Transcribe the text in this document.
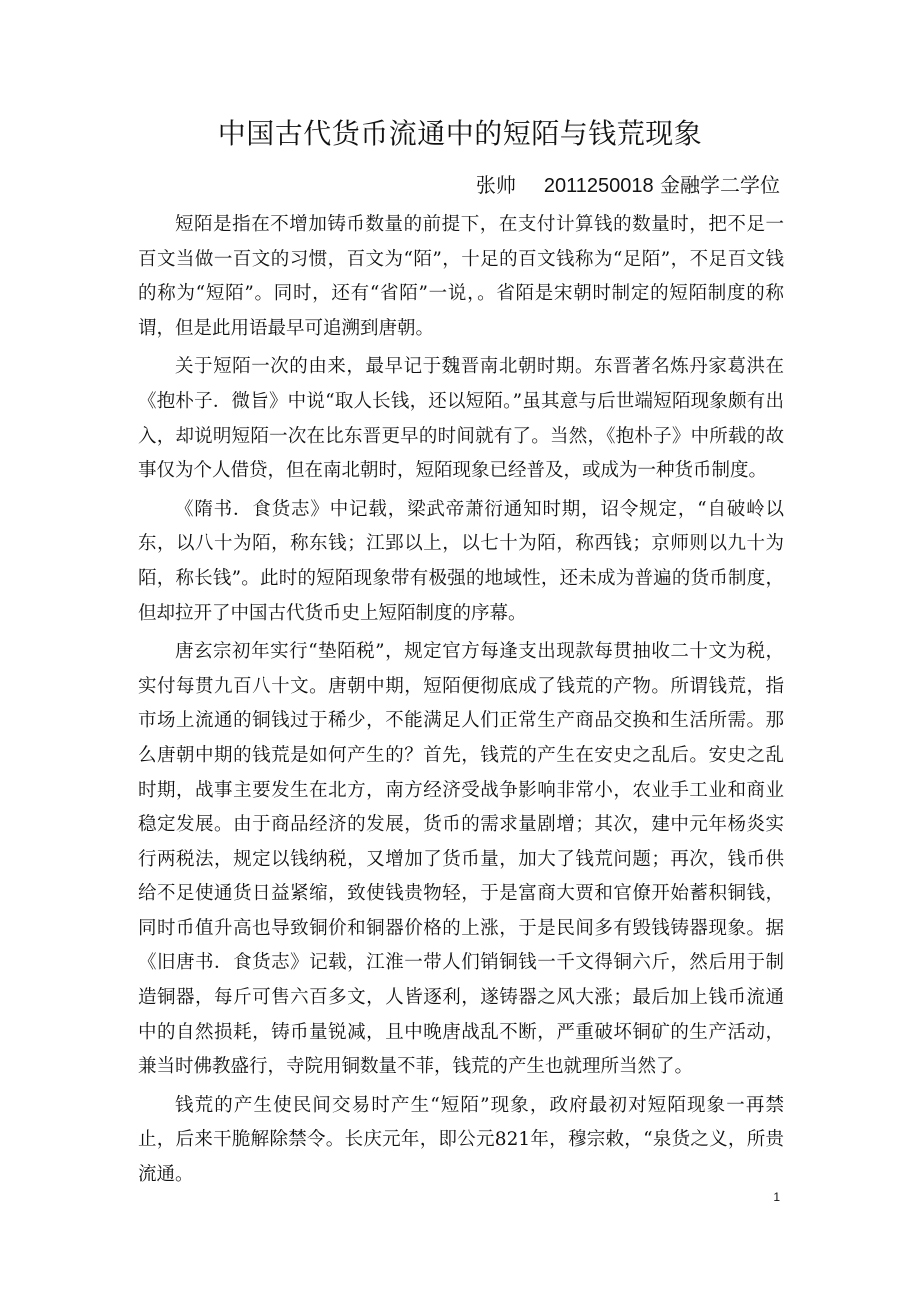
中国古代货币流通中的短陌与钱荒现象
张帅 2011250018 金融学二学位

短陌是指在不增加铸币数量的前提下，在支付计算钱的数量时，把不足一百文当做一百文的习惯，百文为“陌”，十足的百文钱称为“足陌”，不足百文钱的称为“短陌”。同时，还有“省陌”一说，。省陌是宋朝时制定的短陌制度的称谓，但是此用语最早可追溯到唐朝。

关于短陌一次的由来，最早记于魏晋南北朝时期。东晋著名炼丹家葛洪在《抱朴子．微旨》中说“取人长钱，还以短陌。”虽其意与后世端短陌现象颇有出入，却说明短陌一次在比东晋更早的时间就有了。当然，《抱朴子》中所载的故事仅为个人借贷，但在南北朝时，短陌现象已经普及，或成为一种货币制度。

《隋书．食货志》中记载，梁武帝萧衍通知时期，诏令规定，“自破岭以东，以八十为陌，称东钱；江郢以上，以七十为陌，称西钱；京师则以九十为陌，称长钱”。此时的短陌现象带有极强的地域性，还未成为普遍的货币制度，但却拉开了中国古代货币史上短陌制度的序幕。

唐玄宗初年实行“垫陌税”，规定官方每逢支出现款每贯抽收二十文为税，实付每贯九百八十文。唐朝中期，短陌便彻底成了钱荒的产物。所谓钱荒，指市场上流通的铜钱过于稀少，不能满足人们正常生产商品交换和生活所需。那么唐朝中期的钱荒是如何产生的？首先，钱荒的产生在安史之乱后。安史之乱时期，战事主要发生在北方，南方经济受战争影响非常小，农业手工业和商业稳定发展。由于商品经济的发展，货币的需求量剧增；其次，建中元年杨炎实行两税法，规定以钱纳税，又增加了货币量，加大了钱荒问题；再次，钱币供给不足使通货日益紧缩，致使钱贵物轻，于是富商大贾和官僚开始蓄积铜钱，同时币值升高也导致铜价和铜器价格的上涨，于是民间多有毁钱铸器现象。据《旧唐书．食货志》记载，江淮一带人们销铜钱一千文得铜六斤，然后用于制造铜器，每斤可售六百多文，人皆逐利，遂铸器之风大涨；最后加上钱币流通中的自然损耗，铸币量锐减，且中晚唐战乱不断，严重破坏铜矿的生产活动，兼当时佛教盛行，寺院用铜数量不菲，钱荒的产生也就理所当然了。

钱荒的产生使民间交易时产生“短陌”现象，政府最初对短陌现象一再禁止，后来干脆解除禁令。长庆元年，即公元821年，穆宗敕，“泉货之义，所贵流通。

1
